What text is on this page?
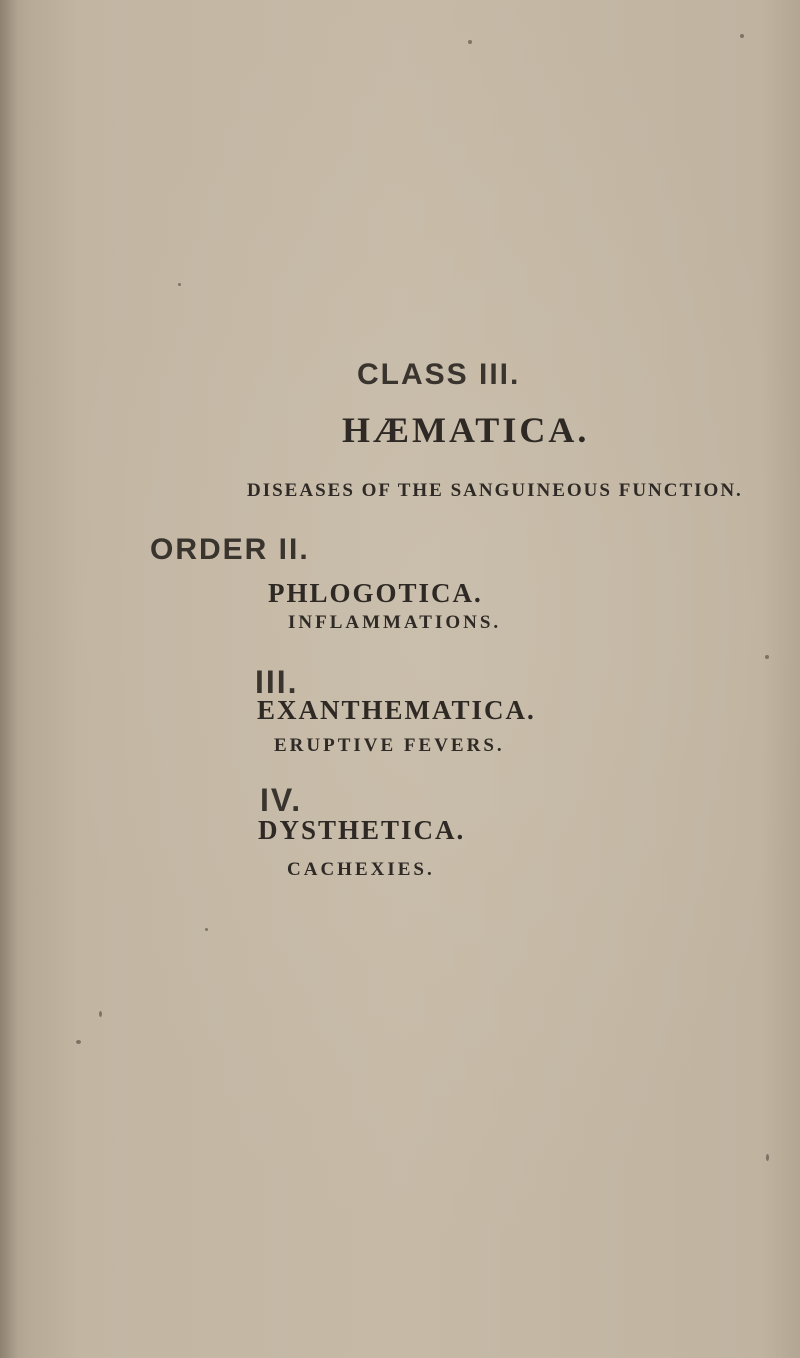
CLASS III.
HÆMATICA.

DISEASES OF THE SANGUINEOUS FUNCTION.

ORDER II.

PHLOGOTICA.

INFLAMMATIONS.

III.

EXANTHEMATICA.

ERUPTIVE FEVERS.

IV.

DYSTHETICA.

CACHEXIES.
